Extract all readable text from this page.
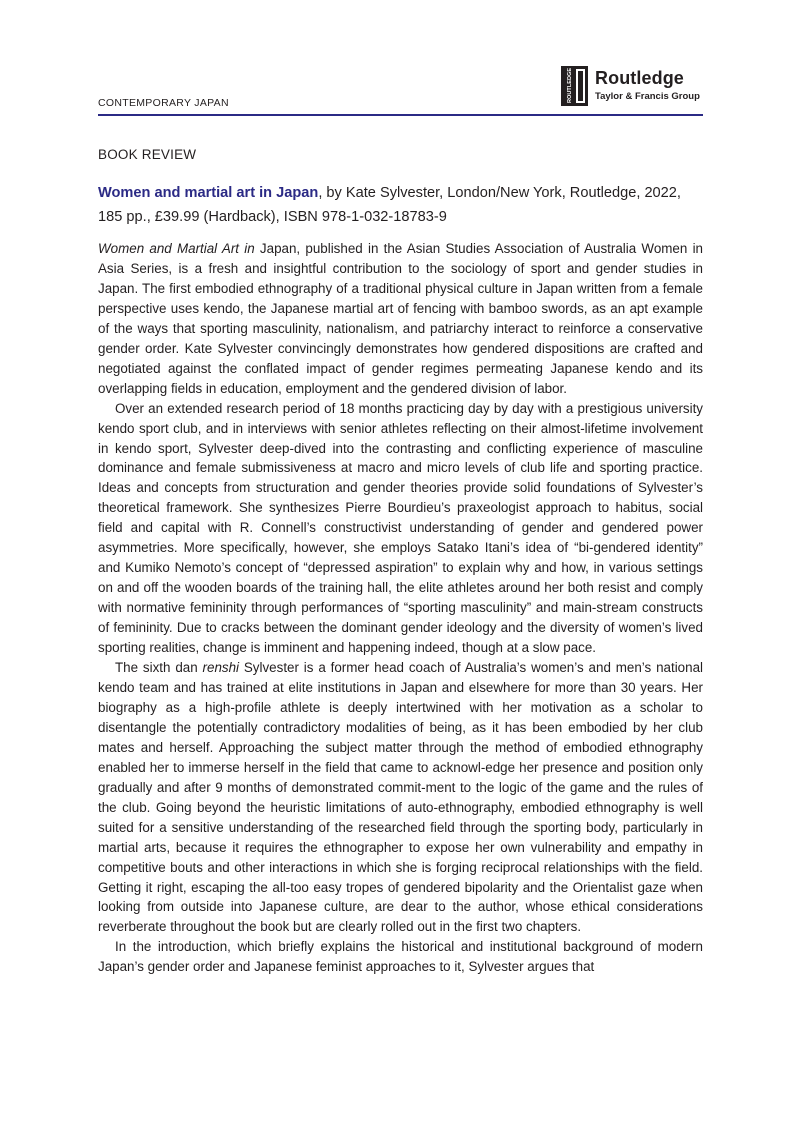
CONTEMPORARY JAPAN	ROUTLEDGE Routledge
Taylor & Francis Group
BOOK REVIEW
Women and martial art in Japan, by Kate Sylvester, London/New York, Routledge, 2022, 185 pp., £39.99 (Hardback), ISBN 978-1-032-18783-9

Women and Martial Art in Japan, published in the Asian Studies Association of Australia Women in Asia Series, is a fresh and insightful contribution to the sociology of sport and gender studies in Japan. The first embodied ethnography of a traditional physical culture in Japan written from a female perspective uses kendo, the Japanese martial art of fencing with bamboo swords, as an apt example of the ways that sporting masculinity, nationalism, and patriarchy interact to reinforce a conservative gender order. Kate Sylvester convincingly demonstrates how gendered dispositions are crafted and negotiated against the conflated impact of gender regimes permeating Japanese kendo and its overlapping fields in education, employment and the gendered division of labor.

Over an extended research period of 18 months practicing day by day with a prestigious university kendo sport club, and in interviews with senior athletes reflecting on their almost-lifetime involvement in kendo sport, Sylvester deep-dived into the contrasting and conflicting experience of masculine dominance and female submissiveness at macro and micro levels of club life and sporting practice. Ideas and concepts from structuration and gender theories provide solid foundations of Sylvester’s theoretical framework. She synthesizes Pierre Bourdieu’s praxeologist approach to habitus, social field and capital with R. Connell’s constructivist understanding of gender and gendered power asymmetries. More specifically, however, she employs Satako Itani’s idea of “bi-gendered identity” and Kumiko Nemoto’s concept of “depressed aspiration” to explain why and how, in various settings on and off the wooden boards of the training hall, the elite athletes around her both resist and comply with normative femininity through performances of “sporting masculinity” and main-stream constructs of femininity. Due to cracks between the dominant gender ideology and the diversity of women’s lived sporting realities, change is imminent and happening indeed, though at a slow pace.

The sixth dan renshi Sylvester is a former head coach of Australia’s women’s and men’s national kendo team and has trained at elite institutions in Japan and elsewhere for more than 30 years. Her biography as a high-profile athlete is deeply intertwined with her motivation as a scholar to disentangle the potentially contradictory modalities of being, as it has been embodied by her club mates and herself. Approaching the subject matter through the method of embodied ethnography enabled her to immerse herself in the field that came to acknowl-edge her presence and position only gradually and after 9 months of demonstrated commit-ment to the logic of the game and the rules of the club. Going beyond the heuristic limitations of auto-ethnography, embodied ethnography is well suited for a sensitive understanding of the researched field through the sporting body, particularly in martial arts, because it requires the ethnographer to expose her own vulnerability and empathy in competitive bouts and other interactions in which she is forging reciprocal relationships with the field. Getting it right, escaping the all-too easy tropes of gendered bipolarity and the Orientalist gaze when looking from outside into Japanese culture, are dear to the author, whose ethical considerations reverberate throughout the book but are clearly rolled out in the first two chapters.

In the introduction, which briefly explains the historical and institutional background of modern Japan’s gender order and Japanese feminist approaches to it, Sylvester argues that
